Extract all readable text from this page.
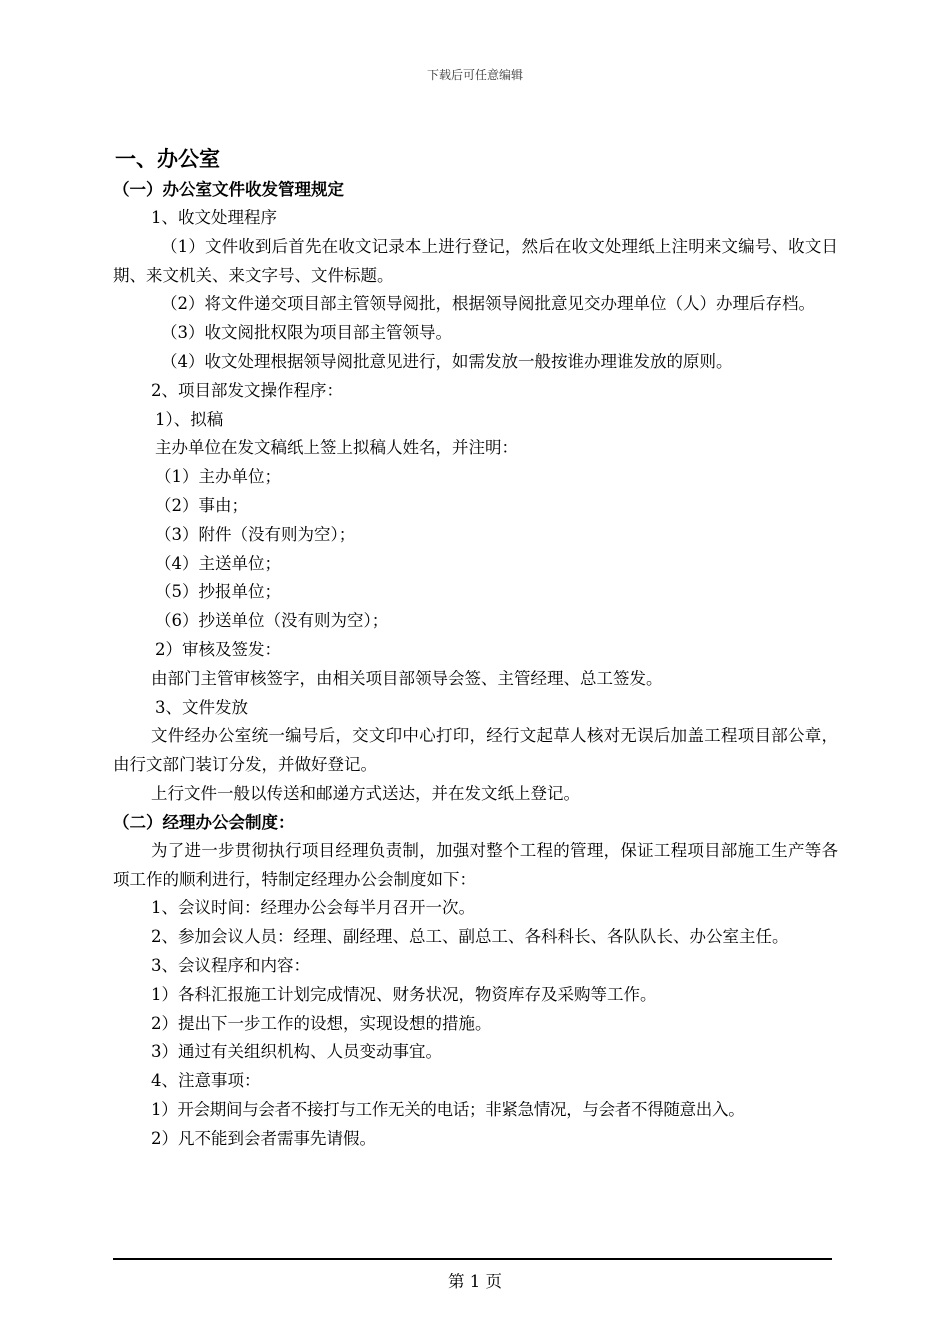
下载后可任意编辑
一、办公室
（一）办公室文件收发管理规定
1、收文处理程序
（1）文件收到后首先在收文记录本上进行登记，然后在收文处理纸上注明来文编号、收文日期、来文机关、来文字号、文件标题。
（2）将文件递交项目部主管领导阅批，根据领导阅批意见交办理单位（人）办理后存档。
（3）收文阅批权限为项目部主管领导。
（4）收文处理根据领导阅批意见进行，如需发放一般按谁办理谁发放的原则。
2、项目部发文操作程序：
1）、拟稿
主办单位在发文稿纸上签上拟稿人姓名，并注明：
（1）主办单位；
（2）事由；
（3）附件（没有则为空）；
（4）主送单位；
（5）抄报单位；
（6）抄送单位（没有则为空）；
2）审核及签发：
由部门主管审核签字，由相关项目部领导会签、主管经理、总工签发。
3、文件发放
文件经办公室统一编号后，交文印中心打印，经行文起草人核对无误后加盖工程项目部公章，由行文部门装订分发，并做好登记。
上行文件一般以传送和邮递方式送达，并在发文纸上登记。
（二）经理办公会制度：
为了进一步贯彻执行项目经理负责制，加强对整个工程的管理，保证工程项目部施工生产等各项工作的顺利进行，特制定经理办公会制度如下：
1、会议时间：经理办公会每半月召开一次。
2、参加会议人员：经理、副经理、总工、副总工、各科科长、各队队长、办公室主任。
3、会议程序和内容：
1）各科汇报施工计划完成情况、财务状况，物资库存及采购等工作。
2）提出下一步工作的设想，实现设想的措施。
3）通过有关组织机构、人员变动事宜。
4、注意事项：
1）开会期间与会者不接打与工作无关的电话；非紧急情况，与会者不得随意出入。
2）凡不能到会者需事先请假。
第 1 页
